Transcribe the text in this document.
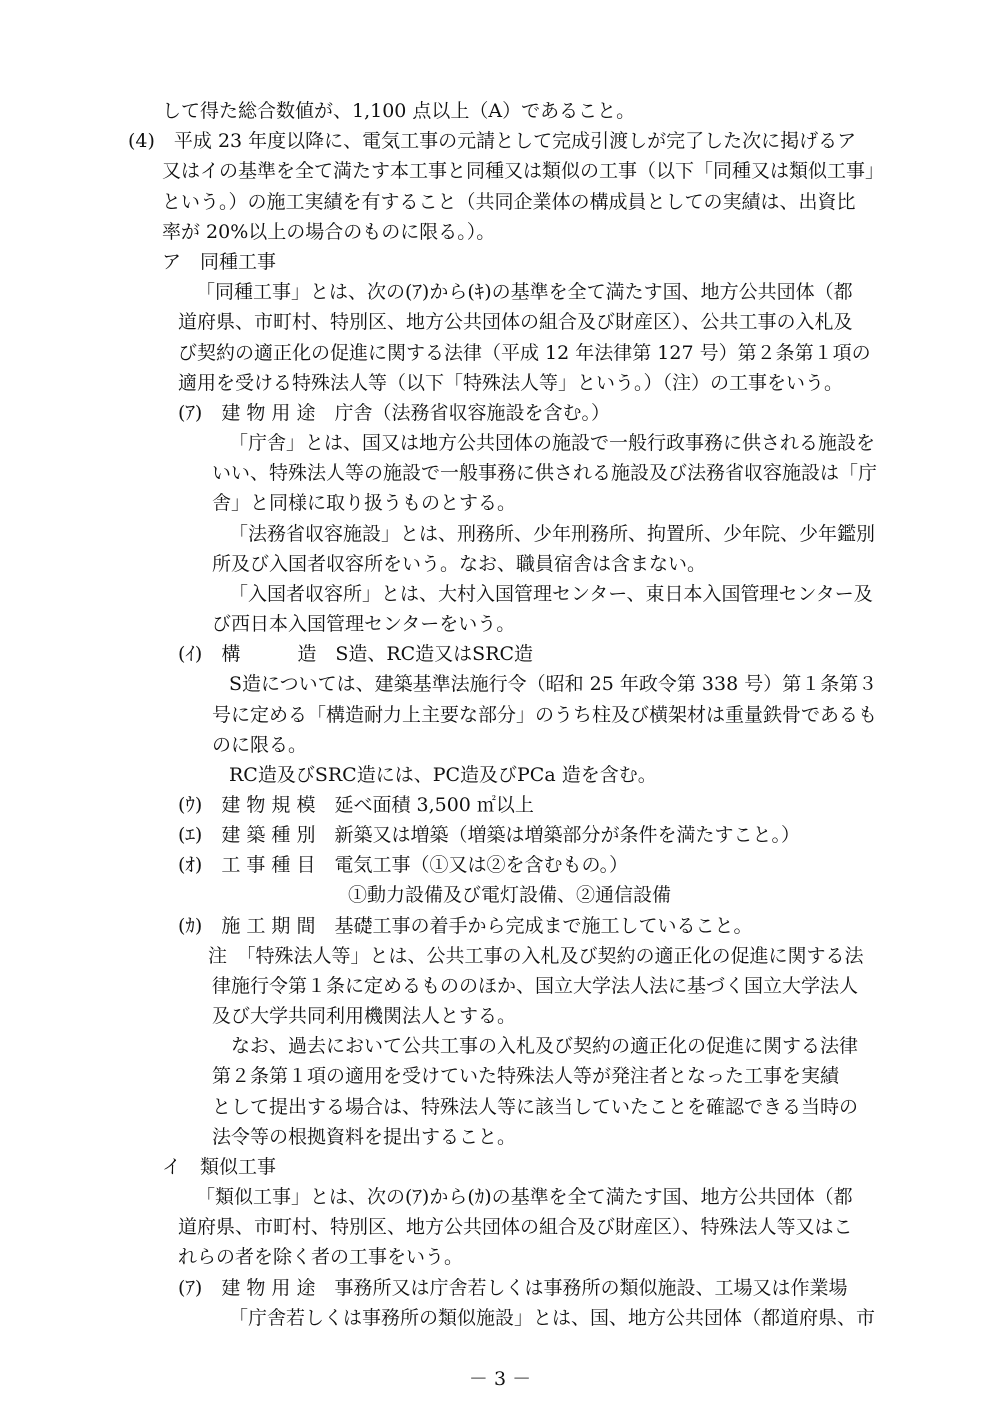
して得た総合数値が、1,100 点以上（A）であること。
(4)　平成 23 年度以降に、電気工事の元請として完成引渡しが完了した次に掲げるア
又はイの基準を全て満たす本工事と同種又は類似の工事（以下「同種又は類似工事」
という。）の施工実績を有すること（共同企業体の構成員としての実績は、出資比
率が 20%以上の場合のものに限る。）。
ア　同種工事
「同種工事」とは、次の(ｱ)から(ｷ)の基準を全て満たす国、地方公共団体（都
道府県、市町村、特別区、地方公共団体の組合及び財産区）、公共工事の入札及
び契約の適正化の促進に関する法律（平成 12 年法律第 127 号）第２条第１項の
適用を受ける特殊法人等（以下「特殊法人等」という。）（注）の工事をいう。
(ｱ)　建 物 用 途　庁舎（法務省収容施設を含む。）
「庁舎」とは、国又は地方公共団体の施設で一般行政事務に供される施設を
いい、特殊法人等の施設で一般事務に供される施設及び法務省収容施設は「庁
舎」と同様に取り扱うものとする。
「法務省収容施設」とは、刑務所、少年刑務所、拘置所、少年院、少年鑑別
所及び入国者収容所をいう。なお、職員宿舎は含まない。
「入国者収容所」とは、大村入国管理センター、東日本入国管理センター及
び西日本入国管理センターをいう。
(ｲ)　構　　　造　S造、RC造又はSRC造
S造については、建築基準法施行令（昭和 25 年政令第 338 号）第１条第３
号に定める「構造耐力上主要な部分」のうち柱及び横架材は重量鉄骨であるも
のに限る。
RC造及びSRC造には、PC造及びPCa 造を含む。
(ｳ)　建 物 規 模　延べ面積 3,500 ㎡以上
(ｴ)　建 築 種 別　新築又は増築（増築は増築部分が条件を満たすこと。）
(ｵ)　工 事 種 目　電気工事（①又は②を含むもの。）
①動力設備及び電灯設備、②通信設備
(ｶ)　施 工 期 間　基礎工事の着手から完成まで施工していること。
注　「特殊法人等」とは、公共工事の入札及び契約の適正化の促進に関する法
律施行令第１条に定めるもののほか、国立大学法人法に基づく国立大学法人
及び大学共同利用機関法人とする。
なお、過去において公共工事の入札及び契約の適正化の促進に関する法律
第２条第１項の適用を受けていた特殊法人等が発注者となった工事を実績
として提出する場合は、特殊法人等に該当していたことを確認できる当時の
法令等の根拠資料を提出すること。
イ　類似工事
「類似工事」とは、次の(ｱ)から(ｶ)の基準を全て満たす国、地方公共団体（都
道府県、市町村、特別区、地方公共団体の組合及び財産区）、特殊法人等又はこ
れらの者を除く者の工事をいう。
(ｱ)　建 物 用 途　事務所又は庁舎若しくは事務所の類似施設、工場又は作業場
「庁舎若しくは事務所の類似施設」とは、国、地方公共団体（都道府県、市
－ 3 －
